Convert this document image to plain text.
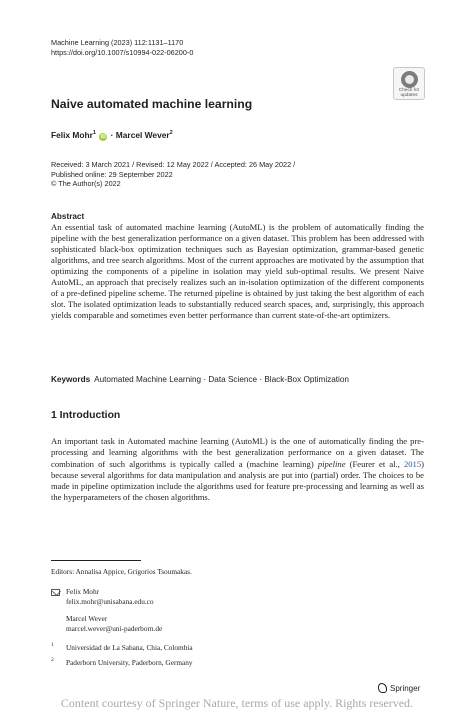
Machine Learning (2023) 112:1131–1170
https://doi.org/10.1007/s10994-022-06200-0
Check for
updates
Naive automated machine learning
Felix Mohr$^1$ iD · Marcel Wever$^2$
Received: 3 March 2021 / Revised: 12 May 2022 / Accepted: 26 May 2022 /
Published online: 29 September 2022
© The Author(s) 2022
Abstract
An essential task of automated machine learning (AutoML) is the problem of automatically finding the pipeline with the best generalization performance on a given dataset. This problem has been addressed with sophisticated black-box optimization techniques such as Bayesian optimization, grammar-based genetic algorithms, and tree search algorithms. Most of the current approaches are motivated by the assumption that optimizing the components of a pipeline in isolation may yield sub-optimal results. We present Naive AutoML, an approach that precisely realizes such an in-isolation optimization of the different components of a pre-defined pipeline scheme. The returned pipeline is obtained by just taking the best algorithm of each slot. The isolated optimization leads to substantially reduced search spaces, and, surprisingly, this approach yields comparable and sometimes even better performance than current state-of-the-art optimizers.
Keywords Automated Machine Learning · Data Science · Black-Box Optimization
1 Introduction
An important task in Automated machine learning (AutoML) is the one of automatically finding the pre-processing and learning algorithms with the best generalization performance on a given dataset. The combination of such algorithms is typically called a (machine learning) pipeline (Feurer et al., 2015) because several algorithms for data manipulation and analysis are put into (partial) order. The choices to be made in pipeline optimization include the algorithms used for feature pre-processing and learning as well as the hyperparameters of the chosen algorithms.
Editors: Annalisa Appice, Grigorios Tsoumakas.
Felix Mohr
felix.mohr@unisabana.edu.co
Marcel Wever
marcel.wever@uni-paderborn.de
1 Universidad de La Sabana, Chia, Colombia
2 Paderborn University, Paderborn, Germany
Springer
Content courtesy of Springer Nature, terms of use apply. Rights reserved.
